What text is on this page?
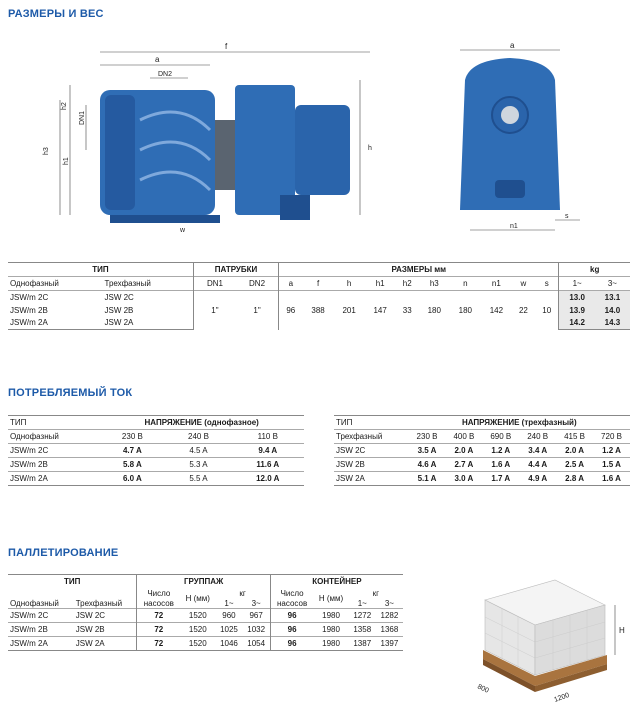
РАЗМЕРЫ И ВЕС
f
a
DN2
DN1
h2
h3
h1
h
w
a
n1
s
ТИП		ПАТРУБКИ		РАЗМЕРЫ мм										kg	
Однофазный	Трехфазный	DN1	DN2	a	f	h	h1	h2	h3	n	n1	w	s	1~	3~
JSW/m 2C	JSW 2C	1"	1"	96	388	201	147	33	180	180	142	22	10	13.0	13.1
JSW/m 2B	JSW 2B													13.9	14.0
JSW/m 2A	JSW 2A													14.2	14.3
ПОТРЕБЛЯЕМЫЙ ТОК
ТИП	НАПРЯЖЕНИЕ (однофазное)		
Однофазный	230 В	240 В	110 В
JSW/m 2C	4.7 A	4.5 A	9.4 A
JSW/m 2B	5.8 A	5.3 A	11.6 A
JSW/m 2A	6.0 A	5.5 A	12.0 A
ТИП	НАПРЯЖЕНИЕ (трехфазный)					
Трехфазный	230 В	400 В	690 В	240 В	415 В	720 В
JSW 2C	3.5 A	2.0 A	1.2 A	3.4 A	2.0 A	1.2 A
JSW 2B	4.6 A	2.7 A	1.6 A	4.4 A	2.5 A	1.5 A
JSW 2A	5.1 A	3.0 A	1.7 A	4.9 A	2.8 A	1.6 A
ПАЛЛЕТИРОВАНИЕ
ТИП		ГРУППАЖ				КОНТЕЙНЕР			
Однофазный	Трехфазный	Число	H (мм)	кг		Число	H (мм)	кг	
		насосов		1~	3~	насосов		1~	3~
JSW/m 2C	JSW 2C	72	1520	960	967	96	1980	1272	1282
JSW/m 2B	JSW 2B	72	1520	1025	1032	96	1980	1358	1368
JSW/m 2A	JSW 2A	72	1520	1046	1054	96	1980	1387	1397
H
800
1200
